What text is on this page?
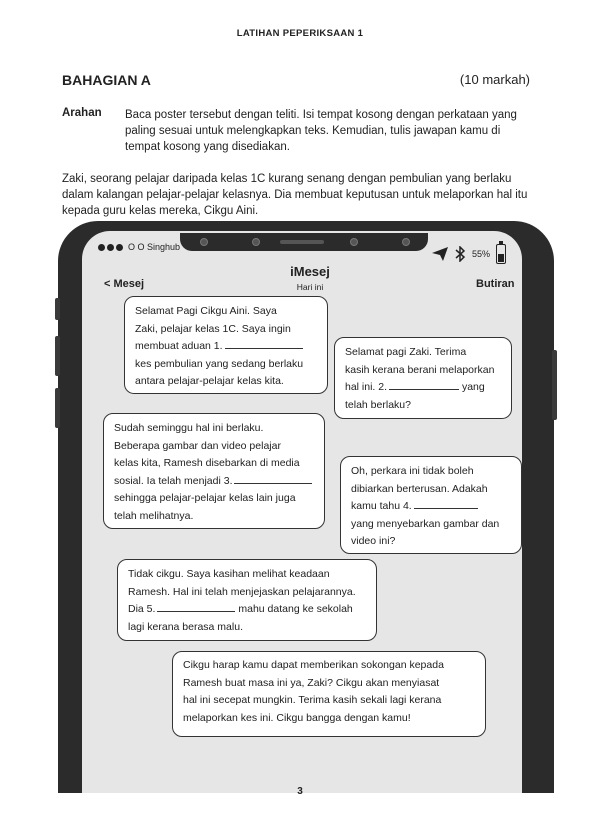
LATIHAN PEPERIKSAAN 1
BAHAGIAN A	(10 markah)
Arahan Baca poster tersebut dengan teliti. Isi tempat kosong dengan perkataan yang
paling sesuai untuk melengkapkan teks. Kemudian, tulis jawapan kamu di
tempat kosong yang disediakan.
Zaki, seorang pelajar daripada kelas 1C kurang senang dengan pembulian yang berlaku
dalam kalangan pelajar-pelajar kelasnya. Dia membuat keputusan untuk melaporkan hal itu
kepada guru kelas mereka, Cikgu Aini.
O O Singhub
55%
< Mesej
iMesej
Hari ini	Butiran
Selamat Pagi Cikgu Aini. Saya
Zaki, pelajar kelas 1C. Saya ingin
membuat aduan 1.
kes pembulian yang sedang berlaku
antara pelajar-pelajar kelas kita.
Selamat pagi Zaki. Terima
kasih kerana berani melaporkan
hal ini. 2.	yang
telah berlaku?
Sudah seminggu hal ini berlaku.
Beberapa gambar dan video pelajar
kelas kita, Ramesh disebarkan di media
sosial. Ia telah menjadi 3.
sehingga pelajar-pelajar kelas lain juga
telah melihatnya.
Oh, perkara ini tidak boleh
dibiarkan berterusan. Adakah
kamu tahu 4.
yang menyebarkan gambar dan
video ini?
Tidak cikgu. Saya kasihan melihat keadaan
Ramesh. Hal ini telah menjejaskan pelajarannya.
Dia 5.	mahu datang ke sekolah
lagi kerana berasa malu.
Cikgu harap kamu dapat memberikan sokongan kepada
Ramesh buat masa ini ya, Zaki? Cikgu akan menyiasat
hal ini secepat mungkin. Terima kasih sekali lagi kerana
melaporkan kes ini. Cikgu bangga dengan kamu!
3
